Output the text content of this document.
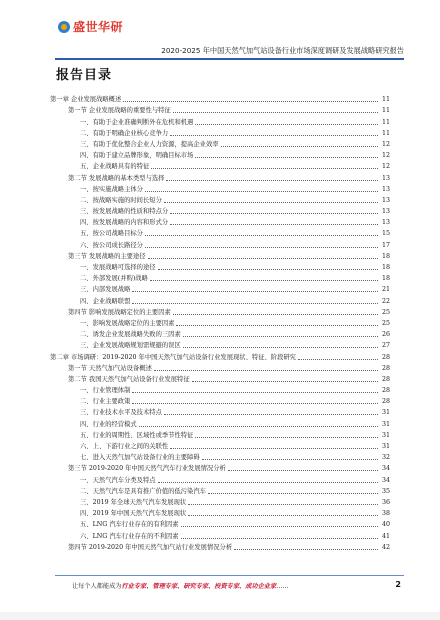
盛世华研
2020-2025 年中国天然气加气站设备行业市场深度调研及发展战略研究报告
报告目录
第一章 企业发展战略概述	11
第一节 企业发展战略的重要性与特征	11
一、有助于企业准确判断外在危机和机遇	11
二、有助于明确企业核心竞争力	11
三、有助于优化整合企业人力资源，提高企业效率	12
四、有助于建立品牌形象，明确目标市场	12
五、企业战略具有的特征	12
第二节 发展战略的基本类型与选择	13
一、按实施战略主体分	13
二、按战略实施的时间长短分	13
三、按发展战略的性质和特点分	13
四、按发展战略的内容和形式分	13
五、按公司战略目标分	15
六、按公司成长路径分	17
第三节 发展战略的主要途径	18
一、发展战略可选择的途径	18
二、外部发展(并购)战略	18
三、内部发展战略	21
四、企业战略联盟	22
第四节 影响发展战略定位的主要因素	25
一、影响发展战略定位的主要因素	25
二、诱发企业发展战略失败的三因素	26
三、企业发展战略规划需规避的误区	27
第二章 市场调研：2019-2020 年中国天然气加气站设备行业发展现状、特征、阶段研究	28
第一节 天然气加气站设备概述	28
第二节 我国天然气加气站设备行业发展特征	28
一、行业管理体制	28
二、行业主要政策	28
三、行业技术水平及技术特点	31
四、行业的经营模式	31
五、行业的周期性、区域性或季节性特征	31
六、上、下游行业之间的关联性	31
七、进入天然气加气站设备行业的主要障碍	32
第三节 2019-2020 年中国天然气汽车行业发展情况分析	34
一、天然气汽车分类及特点	34
二、天然气汽车是具有推广价值的低污染汽车	35
三、2019 年全球天然气汽车发展现状	36
四、2019 年中国天然气汽车发展现状	38
五、LNG 汽车行业存在的有利因素	40
六、LNG 汽车行业存在的不利因素	41
第四节 2019-2020 年中国天然气加气站行业发展情况分析	42
让每个人都能成为行业专家、管理专家、研究专家、投资专家、成功企业家……	2
